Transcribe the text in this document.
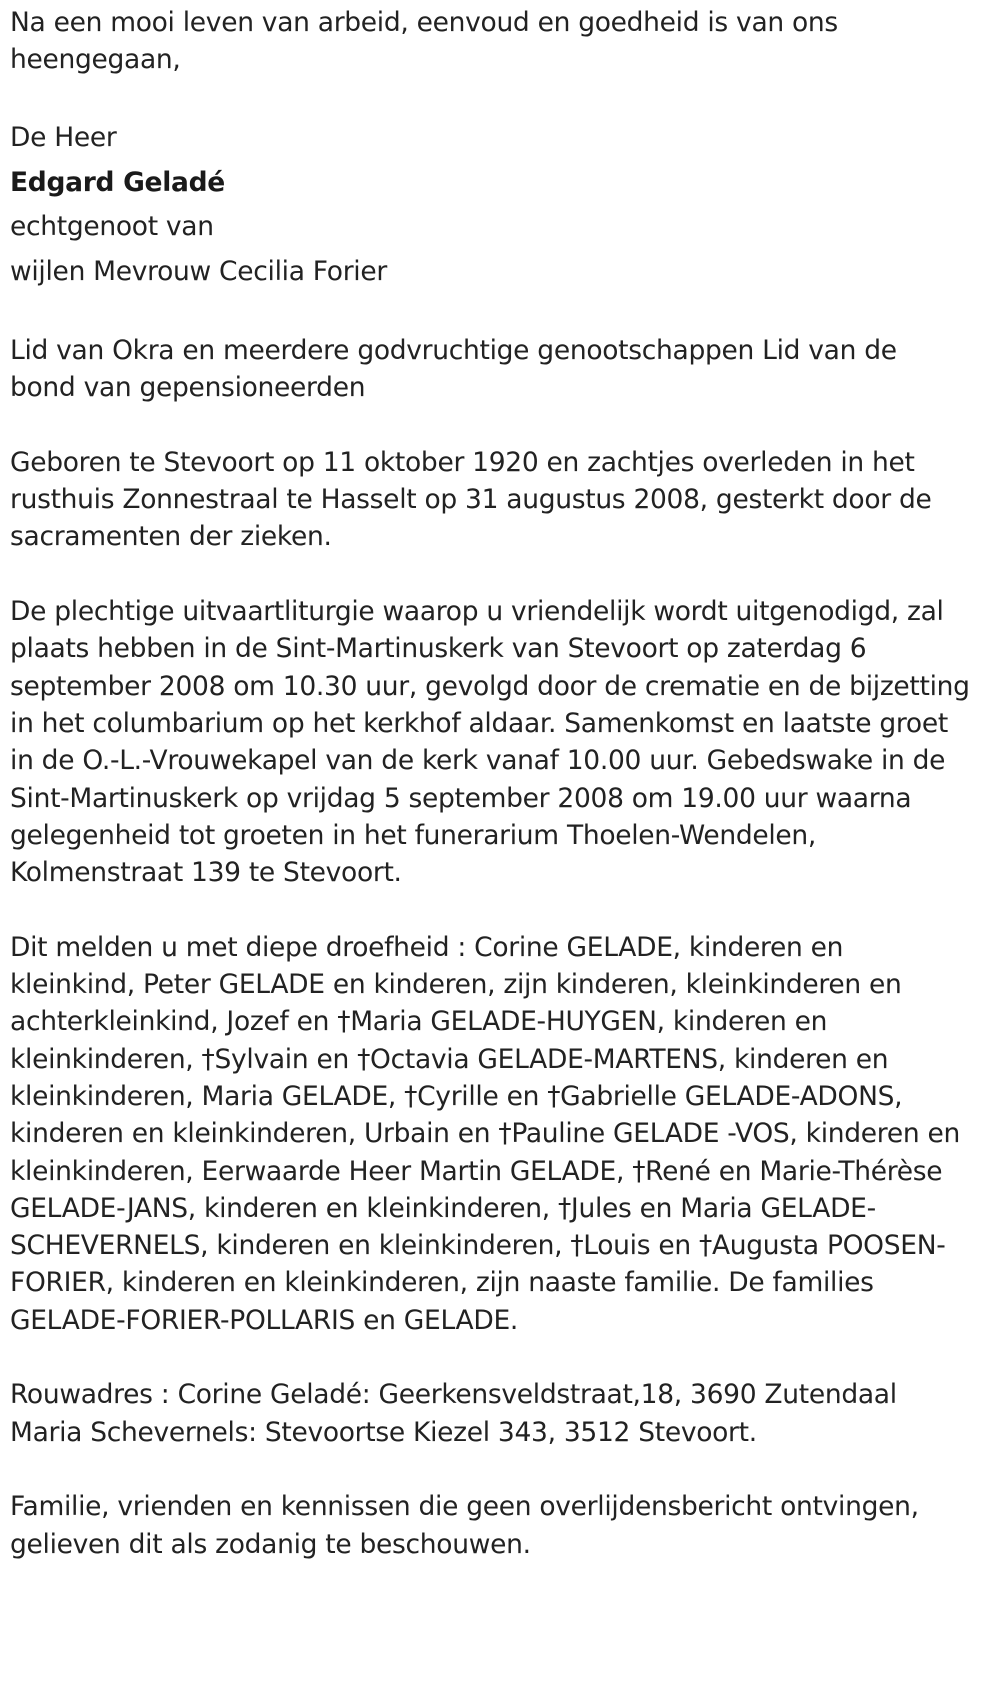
Na een mooi leven van arbeid, eenvoud en goedheid is van ons heengegaan,

De Heer

Edgard Geladé

echtgenoot van

wijlen Mevrouw Cecilia Forier

Lid van Okra en meerdere godvruchtige genootschappen Lid van de bond van gepensioneerden

Geboren te Stevoort op 11 oktober 1920 en zachtjes overleden in het rusthuis Zonnestraal te Hasselt op 31 augustus 2008, gesterkt door de sacramenten der zieken.

De plechtige uitvaartliturgie waarop u vriendelijk wordt uitgenodigd, zal plaats hebben in de Sint-Martinuskerk van Stevoort op zaterdag 6 september 2008 om 10.30 uur, gevolgd door de crematie en de bijzetting in het columbarium op het kerkhof aldaar. Samenkomst en laatste groet in de O.-L.-Vrouwekapel van de kerk vanaf 10.00 uur. Gebedswake in de Sint-Martinuskerk op vrijdag 5 september 2008 om 19.00 uur waarna gelegenheid tot groeten in het funerarium Thoelen-Wendelen, Kolmenstraat 139 te Stevoort.

Dit melden u met diepe droefheid : Corine GELADE, kinderen en kleinkind, Peter GELADE en kinderen, zijn kinderen, kleinkinderen en achterkleinkind, Jozef en †Maria GELADE-HUYGEN, kinderen en kleinkinderen, †Sylvain en †Octavia GELADE-MARTENS, kinderen en kleinkinderen, Maria GELADE, †Cyrille en †Gabrielle GELADE-ADONS, kinderen en kleinkinderen, Urbain en †Pauline GELADE -VOS, kinderen en kleinkinderen, Eerwaarde Heer Martin GELADE, †René en Marie-Thérèse GELADE-JANS, kinderen en kleinkinderen, †Jules en Maria GELADE-SCHEVERNELS, kinderen en kleinkinderen, †Louis en †Augusta POOSEN-FORIER, kinderen en kleinkinderen, zijn naaste familie. De families GELADE-FORIER-POLLARIS en GELADE.

Rouwadres : Corine Geladé: Geerkensveldstraat,18, 3690 Zutendaal Maria Schevernels: Stevoortse Kiezel 343, 3512 Stevoort.

Familie, vrienden en kennissen die geen overlijdensbericht ontvingen, gelieven dit als zodanig te beschouwen.
